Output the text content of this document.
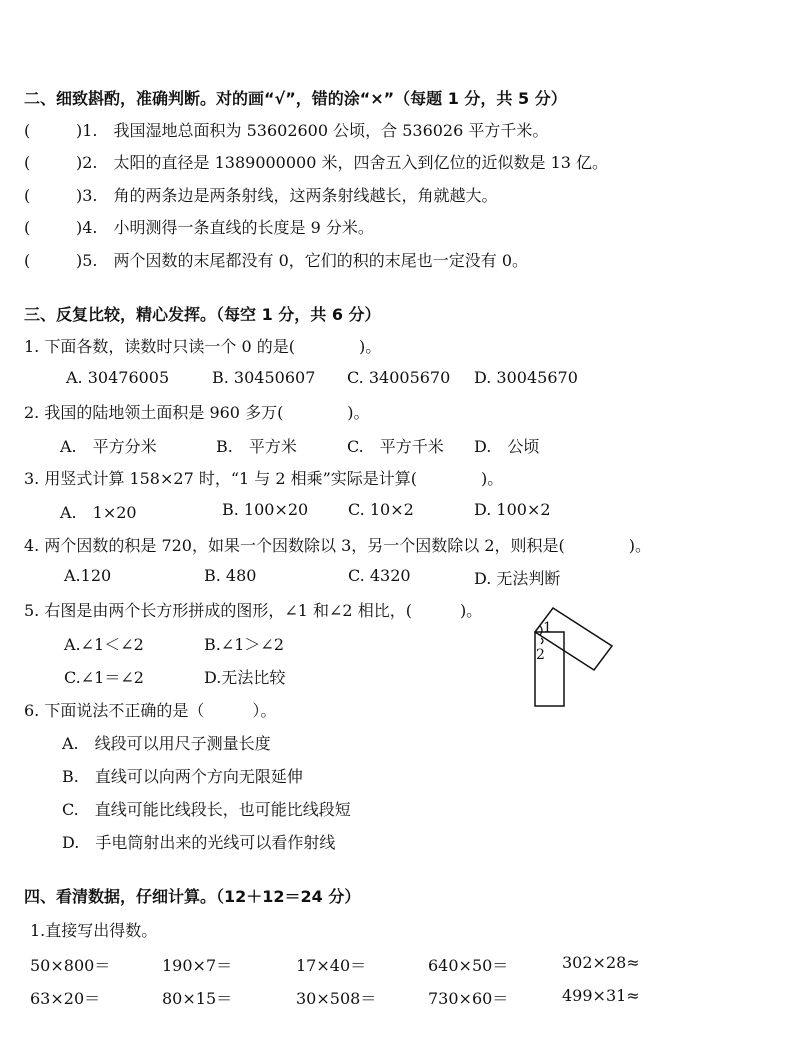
二、细致斟酌，准确判断。对的画“√”，错的涂“×”（每题 1 分，共 5 分）
(	)1.　我国湿地总面积为 53602600 公顷，合 536026 平方千米。
(	)2.　太阳的直径是 1389000000 米，四舍五入到亿位的近似数是 13 亿。
(	)3.　角的两条边是两条射线，这两条射线越长，角就越大。
(	)4.　小明测得一条直线的长度是 9 分米。
(	)5.　两个因数的末尾都没有 0，它们的积的末尾也一定没有 0。
三、反复比较，精心发挥。（每空 1 分，共 6 分）
1. 下面各数，读数时只读一个 0 的是(　　　　)。
A. 30476005	B. 30450607 C. 34005670 D. 30045670
2. 我国的陆地领土面积是 960 多万(　　　　)。
A.　平方分米	B.　平方米	C.　平方千米 D.　公顷
3. 用竖式计算 158×27 时，“1 与 2 相乘”实际是计算(　　　　)。
A.　1×20	B. 100×20 C. 10×2	D. 100×2
4. 两个因数的积是 720，如果一个因数除以 3，另一个因数除以 2，则积是(　　　　)。
A.120	B. 480	C. 4320	D. 无法判断
5. 右图是由两个长方形拼成的图形，∠1 和∠2 相比，(　　　)。
A.∠1＜∠2	B.∠1＞∠2
C.∠1＝∠2	D.无法比较
1
2
6. 下面说法不正确的是（　　　）。
A.　线段可以用尺子测量长度
B.　直线可以向两个方向无限延伸
C.　直线可能比线段长，也可能比线段短
D.　手电筒射出来的光线可以看作射线
四、看清数据，仔细计算。（12＋12＝24 分）
1.直接写出得数。
50×800＝	190×7＝	17×40＝	640×50＝	302×28≈
63×20＝	80×15＝	30×508＝	730×60＝	499×31≈
